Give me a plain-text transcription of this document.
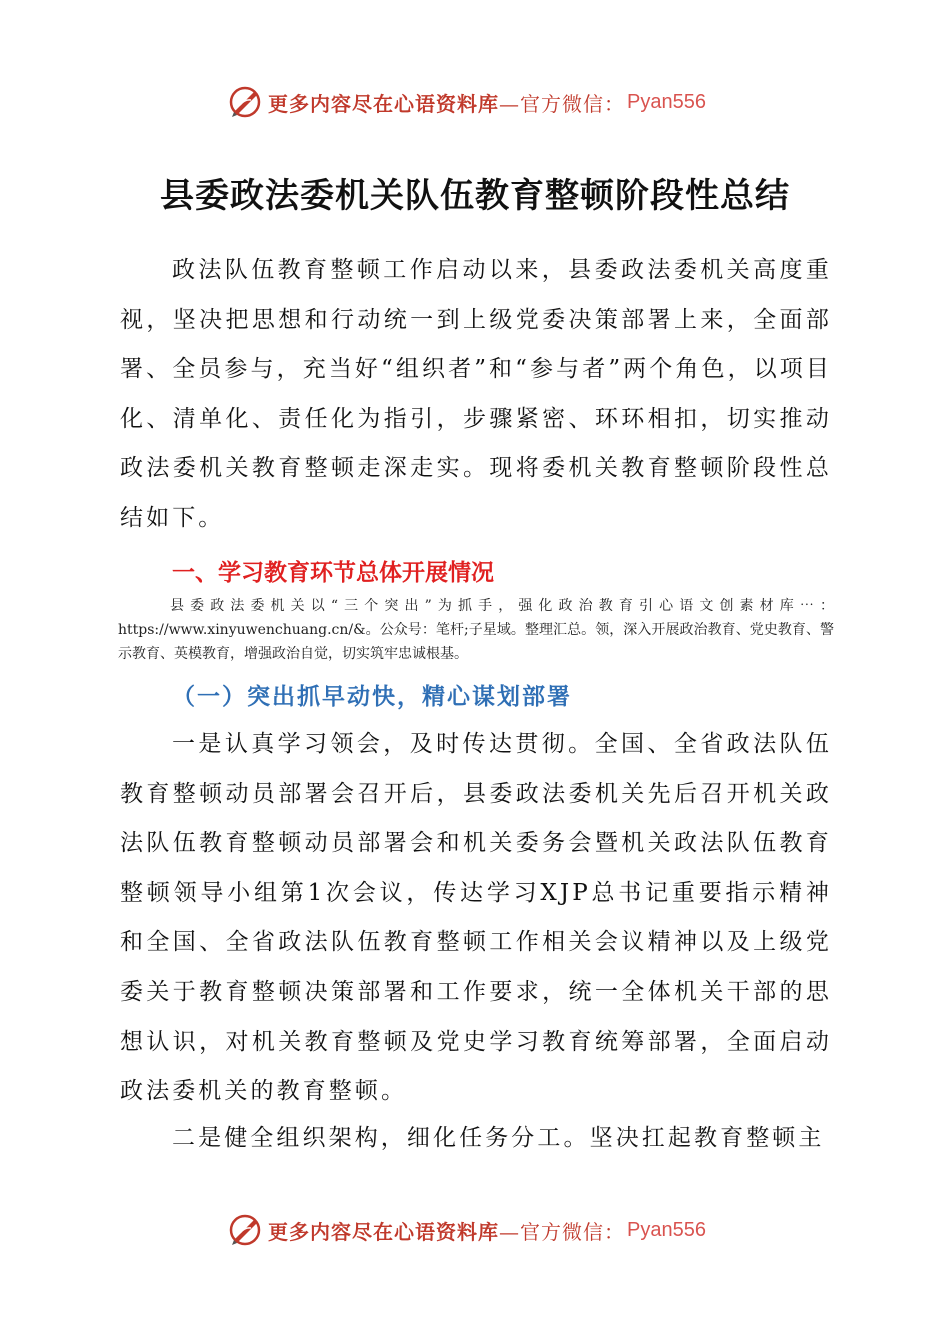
更多内容尽在心语资料库 —官方微信： Pyan556
县委政法委机关队伍教育整顿阶段性总结

政法队伍教育整顿工作启动以来，县委政法委机关高度重视，坚决把思想和行动统一到上级党委决策部署上来，全面部署、全员参与，充当好“组织者”和“参与者”两个角色，以项目化、清单化、责任化为指引，步骤紧密、环环相扣，切实推动政法委机关教育整顿走深走实。现将委机关教育整顿阶段性总结如下。

一、学习教育环节总体开展情况

县委政法委机关以“三个突出”为抓手，强化政治教育引心语文创素材库⋯：https://www.xinyuwenchuang.cn/&。公众号：笔杆;子星域。整理汇总。领，深入开展政治教育、党史教育、警示教育、英模教育，增强政治自觉，切实筑牢忠诚根基。

（一）突出抓早动快，精心谋划部署

一是认真学习领会，及时传达贯彻。全国、全省政法队伍教育整顿动员部署会召开后，县委政法委机关先后召开机关政法队伍教育整顿动员部署会和机关委务会暨机关政法队伍教育整顿领导小组第1次会议，传达学习XJP总书记重要指示精神和全国、全省政法队伍教育整顿工作相关会议精神以及上级党委关于教育整顿决策部署和工作要求，统一全体机关干部的思想认识，对机关教育整顿及党史学习教育统筹部署，全面启动政法委机关的教育整顿。

二是健全组织架构，细化任务分工。坚决扛起教育整顿主

更多内容尽在心语资料库 —官方微信： Pyan556
